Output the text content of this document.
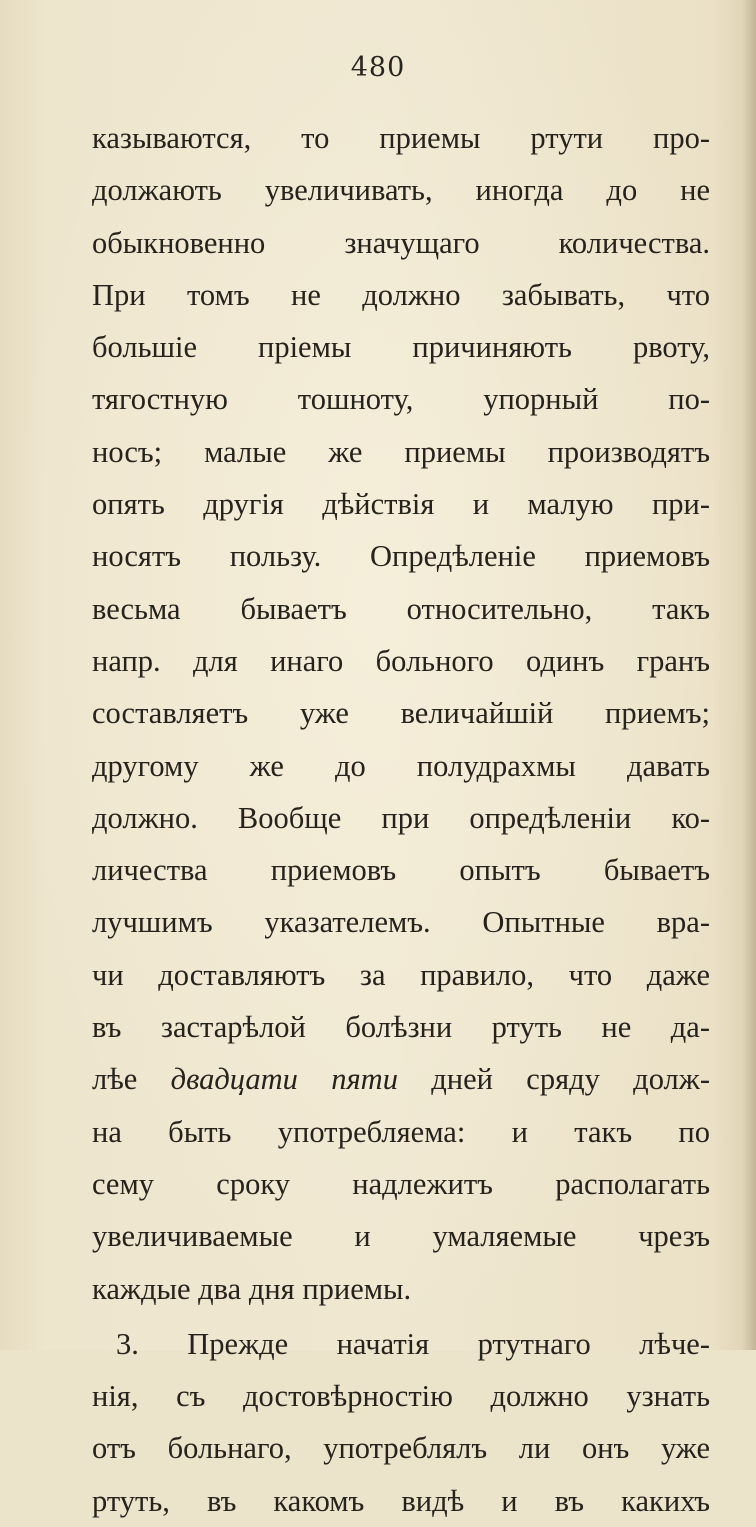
480
казываются, то приемы ртути про-
должають увеличивать, иногда до не
обыкновенно значущаго количества.
При томъ не должно забывать, что
большіе пріемы причиняють рвоту,
тягостную тошноту, упорный по-
носъ; малые же приемы производятъ
опять другія дѣйствія и малую при-
носятъ пользу. Опредѣленіе приемовъ
весьма бываетъ относительно, такъ
напр. для инаго больного одинъ гранъ
составляетъ уже величайшій приемъ;
другому же до полудрахмы давать
должно. Вообще при опредѣленіи ко-
личества приемовъ опытъ бываетъ
лучшимъ указателемъ. Опытные вра-
чи доставляютъ за правило, что даже
въ застарѣлой болѣзни ртуть не да-
лѣе двадцати пяти дней сряду долж-
на быть употребляема: и такъ по
сему сроку надлежитъ располагать
увеличиваемые и умаляемые чрезъ
каждые два дня приемы.
3. Прежде начатія ртутнаго лѣче-
нія, съ достовѣрностію должно узнать
отъ больнаго, употреблялъ ли онъ уже
ртуть, въ какомъ видѣ и въ какихъ
